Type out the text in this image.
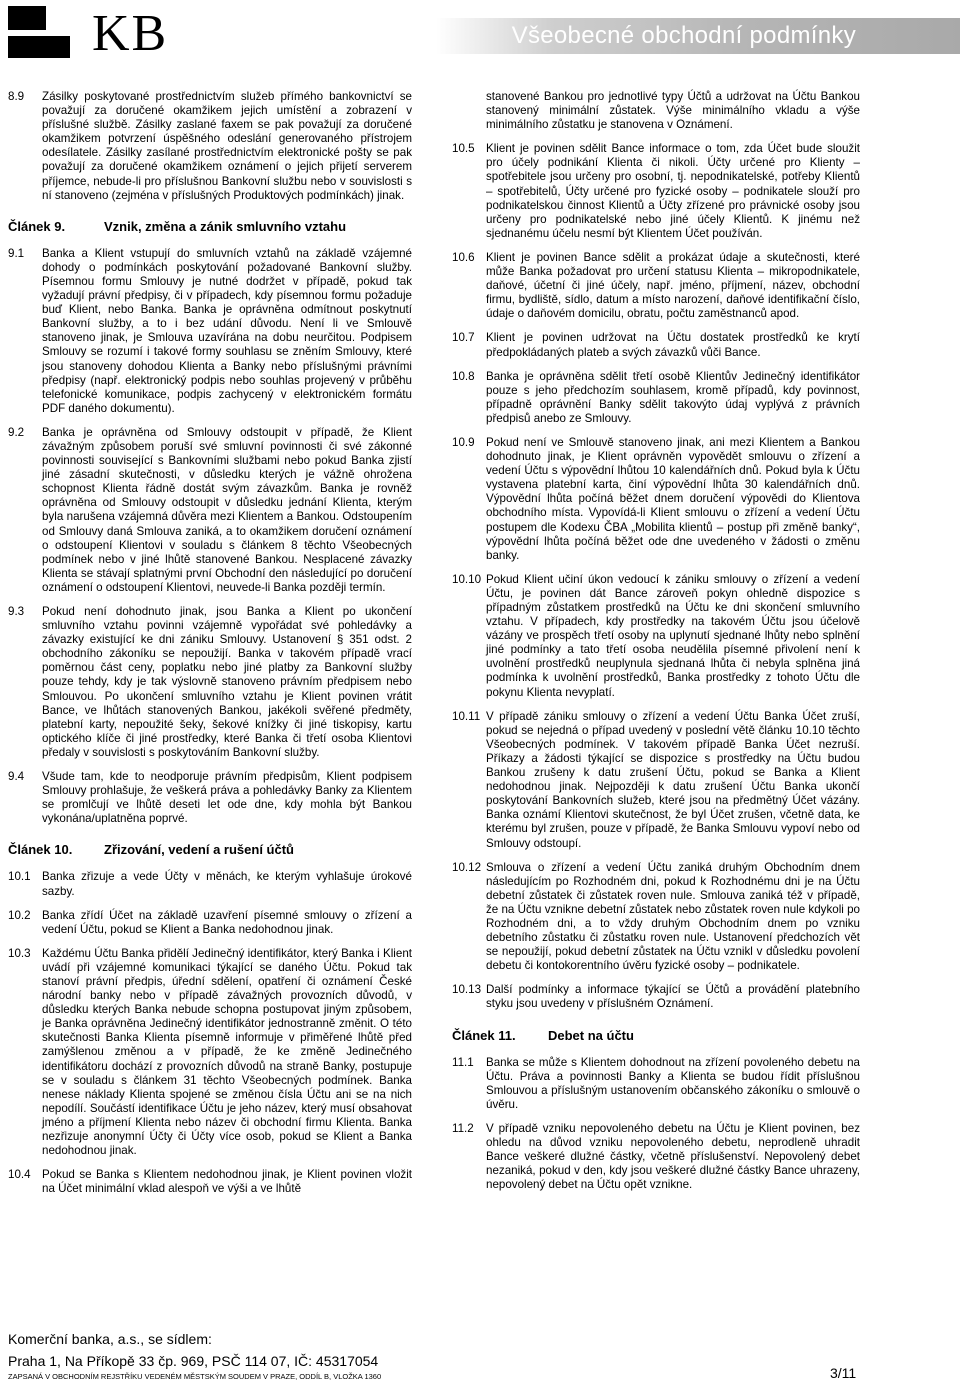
KB	Všeobecné obchodní podmínky
8.9	Zásilky poskytované prostřednictvím služeb přímého bankovnictví se považují za doručené okamžikem jejich umístění a zobrazení v příslušné službě. Zásilky zaslané faxem se pak považují za doručené okamžikem potvrzení úspěšného odeslání generovaného přístrojem odesílatele. Zásilky zasílané prostřednictvím elektronické pošty se pak považují za doručené okamžikem oznámení o jejich přijetí serverem příjemce, nebude-li pro příslušnou Bankovní službu nebo v souvislosti s ní stanoveno (zejména v příslušných Produktových podmínkách) jinak.
Článek 9.	Vznik, změna a zánik smluvního vztahu
9.1	Banka a Klient vstupují do smluvních vztahů na základě vzájemné dohody o podmínkách poskytování požadované Bankovní služby. Písemnou formu Smlouvy je nutné dodržet v případě, pokud tak vyžadují právní předpisy, či v případech, kdy písemnou formu požaduje buď Klient, nebo Banka. Banka je oprávněna odmítnout poskytnutí Bankovní služby, a to i bez udání důvodu. Není li ve Smlouvě stanoveno jinak, je Smlouva uzavírána na dobu neurčitou. Podpisem Smlouvy se rozumí i takové formy souhlasu se zněním Smlouvy, které jsou stanoveny dohodou Klienta a Banky nebo příslušnými právními předpisy (např. elektronický podpis nebo souhlas projevený v průběhu telefonické komunikace, podpis zachycený v elektronickém formátu PDF daného dokumentu).
9.2	Banka je oprávněna od Smlouvy odstoupit v případě, že Klient závažným způsobem poruší své smluvní povinnosti či své zákonné povinnosti související s Bankovními službami nebo pokud Banka zjistí jiné zásadní skutečnosti, v důsledku kterých je vážně ohrožena schopnost Klienta řádně dostát svým závazkům. Banka je rovněž oprávněna od Smlouvy odstoupit v důsledku jednání Klienta, kterým byla narušena vzájemná důvěra mezi Klientem a Bankou. Odstoupením od Smlouvy daná Smlouva zaniká, a to okamžikem doručení oznámení o odstoupení Klientovi v souladu s článkem 8 těchto Všeobecných podmínek nebo v jiné lhůtě stanovené Bankou. Nesplacené závazky Klienta se stávají splatnými první Obchodní den následující po doručení oznámení o odstoupení Klientovi, neuvede-li Banka později termín.
9.3	Pokud není dohodnuto jinak, jsou Banka a Klient po ukončení smluvního vztahu povinni vzájemně vypořádat své pohledávky a závazky existující ke dni zániku Smlouvy. Ustanovení § 351 odst. 2 obchodního zákoníku se nepoužijí. Banka v takovém případě vrací poměrnou část ceny, poplatku nebo jiné platby za Bankovní služby pouze tehdy, kdy je tak výslovně stanoveno právním předpisem nebo Smlouvou. Po ukončení smluvního vztahu je Klient povinen vrátit Bance, ve lhůtách stanovených Bankou, jakékoli svěřené předměty, platební karty, nepoužité šeky, šekové knížky či jiné tiskopisy, kartu optického klíče či jiné prostředky, které Banka či třetí osoba Klientovi předaly v souvislosti s poskytováním Bankovní služby.
9.4	Všude tam, kde to neodporuje právním předpisům, Klient podpisem Smlouvy prohlašuje, že veškerá práva a pohledávky Banky za Klientem se promlčují ve lhůtě deseti let ode dne, kdy mohla být Bankou vykonána/uplatněna poprvé.
Článek 10.	Zřizování, vedení a rušení účtů
10.1 Banka zřizuje a vede Účty v měnách, ke kterým vyhlašuje úrokové sazby.
10.2 Banka zřídí Účet na základě uzavření písemné smlouvy o zřízení a vedení Účtu, pokud se Klient a Banka nedohodnou jinak.
10.3 Každému Účtu Banka přidělí Jedinečný identifikátor, který Banka i Klient uvádí při vzájemné komunikaci týkající se daného Účtu. Pokud tak stanoví právní předpis, úřední sdělení, opatření či oznámení České národní banky nebo v případě závažných provozních důvodů, v důsledku kterých Banka nebude schopna postupovat jiným způsobem, je Banka oprávněna Jedinečný identifikátor jednostranně změnit. O této skutečnosti Banka Klienta písemně informuje v přiměřené lhůtě před zamýšlenou změnou a v případě, že ke změně Jedinečného identifikátoru dochází z provozních důvodů na straně Banky, postupuje se v souladu s článkem 31 těchto Všeobecných podmínek. Banka nenese náklady Klienta spojené se změnou čísla Účtu ani se na nich nepodílí. Součástí identifikace Účtu je jeho název, který musí obsahovat jméno a příjmení Klienta nebo název či obchodní firmu Klienta. Banka nezřizuje anonymní Účty či Účty více osob, pokud se Klient a Banka nedohodnou jinak.
10.4 Pokud se Banka s Klientem nedohodnou jinak, je Klient povinen vložit na Účet minimální vklad alespoň ve výši a ve lhůtě
stanovené Bankou pro jednotlivé typy Účtů a udržovat na Účtu Bankou stanovený minimální zůstatek. Výše minimálního vkladu a výše minimálního zůstatku je stanovena v Oznámení.
10.5 Klient je povinen sdělit Bance informace o tom, zda Účet bude sloužit pro účely podnikání Klienta či nikoli. Účty určené pro Klienty – spotřebitele jsou určeny pro osobní, tj. nepodnikatelské, potřeby Klientů – spotřebitelů, Účty určené pro fyzické osoby – podnikatele slouží pro podnikatelskou činnost Klientů a Účty zřízené pro právnické osoby jsou určeny pro podnikatelské nebo jiné účely Klientů. K jinému než sjednanému účelu nesmí být Klientem Účet používán.
10.6 Klient je povinen Bance sdělit a prokázat údaje a skutečnosti, které může Banka požadovat pro určení statusu Klienta – mikropodnikatele, daňové, účetní či jiné účely, např. jméno, příjmení, název, obchodní firmu, bydliště, sídlo, datum a místo narození, daňové identifikační číslo, údaje o daňovém domicilu, obratu, počtu zaměstnanců apod.
10.7 Klient je povinen udržovat na Účtu dostatek prostředků ke krytí předpokládaných plateb a svých závazků vůči Bance.
10.8 Banka je oprávněna sdělit třetí osobě Klientův Jedinečný identifikátor pouze s jeho předchozím souhlasem, kromě případů, kdy povinnost, případně oprávnění Banky sdělit takovýto údaj vyplývá z právních předpisů anebo ze Smlouvy.
10.9 Pokud není ve Smlouvě stanoveno jinak, ani mezi Klientem a Bankou dohodnuto jinak, je Klient oprávněn vypovědět smlouvu o zřízení a vedení Účtu s výpovědní lhůtou 10 kalendářních dnů. Pokud byla k Účtu vystavena platební karta, činí výpovědní lhůta 30 kalendářních dnů. Výpovědní lhůta počíná běžet dnem doručení výpovědi do Klientova obchodního místa. Vypovídá-li Klient smlouvu o zřízení a vedení Účtu postupem dle Kodexu ČBA „Mobilita klientů – postup při změně banky“, výpovědní lhůta počíná běžet ode dne uvedeného v žádosti o změnu banky.
10.10 Pokud Klient učiní úkon vedoucí k zániku smlouvy o zřízení a vedení Účtu, je povinen dát Bance zároveň pokyn ohledně dispozice s případným zůstatkem prostředků na Účtu ke dni skončení smluvního vztahu. V případech, kdy prostředky na takovém Účtu jsou účelově vázány ve prospěch třetí osoby na uplynutí sjednané lhůty nebo splnění jiné podmínky a tato třetí osoba neudělila písemné přivolení není k uvolnění prostředků neuplynula sjednaná lhůta či nebyla splněna jiná podmínka k uvolnění prostředků, Banka prostředky z tohoto Účtu dle pokynu Klienta nevyplatí.
10.11 V případě zániku smlouvy o zřízení a vedení Účtu Banka Účet zruší, pokud se nejedná o případ uvedený v poslední větě článku 10.10 těchto Všeobecných podmínek. V takovém případě Banka Účet nezruší. Příkazy a žádosti týkající se dispozice s prostředky na Účtu budou Bankou zrušeny k datu zrušení Účtu, pokud se Banka a Klient nedohodnou jinak. Nejpozději k datu zrušení Účtu Banka ukončí poskytování Bankovních služeb, které jsou na předmětný Účet vázány. Banka oznámí Klientovi skutečnost, že byl Účet zrušen, včetně data, ke kterému byl zrušen, pouze v případě, že Banka Smlouvu vypoví nebo od Smlouvy odstoupí.
10.12 Smlouva o zřízení a vedení Účtu zaniká druhým Obchodním dnem následujícím po Rozhodném dni, pokud k Rozhodnému dni je na Účtu debetní zůstatek či zůstatek roven nule. Smlouva zaniká též v případě, že na Účtu vznikne debetní zůstatek nebo zůstatek roven nule kdykoli po Rozhodném dni, a to vždy druhým Obchodním dnem po vzniku debetního zůstatku či zůstatku roven nule. Ustanovení předchozích vět se nepoužijí, pokud debetní zůstatek na Účtu vznikl v důsledku povolení debetu či kontokorentního úvěru fyzické osoby – podnikatele.
10.13 Další podmínky a informace týkající se Účtů a provádění platebního styku jsou uvedeny v příslušném Oznámení.
Článek 11.	Debet na účtu
11.1	Banka se může s Klientem dohodnout na zřízení povoleného debetu na Účtu. Práva a povinnosti Banky a Klienta se budou řídit příslušnou Smlouvou a příslušným ustanovením občanského zákoníku o smlouvě o úvěru.
11.2	V případě vzniku nepovoleného debetu na Účtu je Klient povinen, bez ohledu na důvod vzniku nepovoleného debetu, neprodleně uhradit Bance veškeré dlužné částky, včetně příslušenství. Nepovolený debet nezaniká, pokud v den, kdy jsou veškeré dlužné částky Bance uhrazeny, nepovolený debet na Účtu opět vznikne.
Komerční banka, a.s., se sídlem:
Praha 1, Na Příkopě 33 čp. 969, PSČ 114 07, IČ: 45317054
ZAPSANÁ V OBCHODNÍM REJSTŘÍKU VEDENÉM MĚSTSKÝM SOUDEM V PRAZE, ODDÍL B, VLOŽKA 1360	3/11
